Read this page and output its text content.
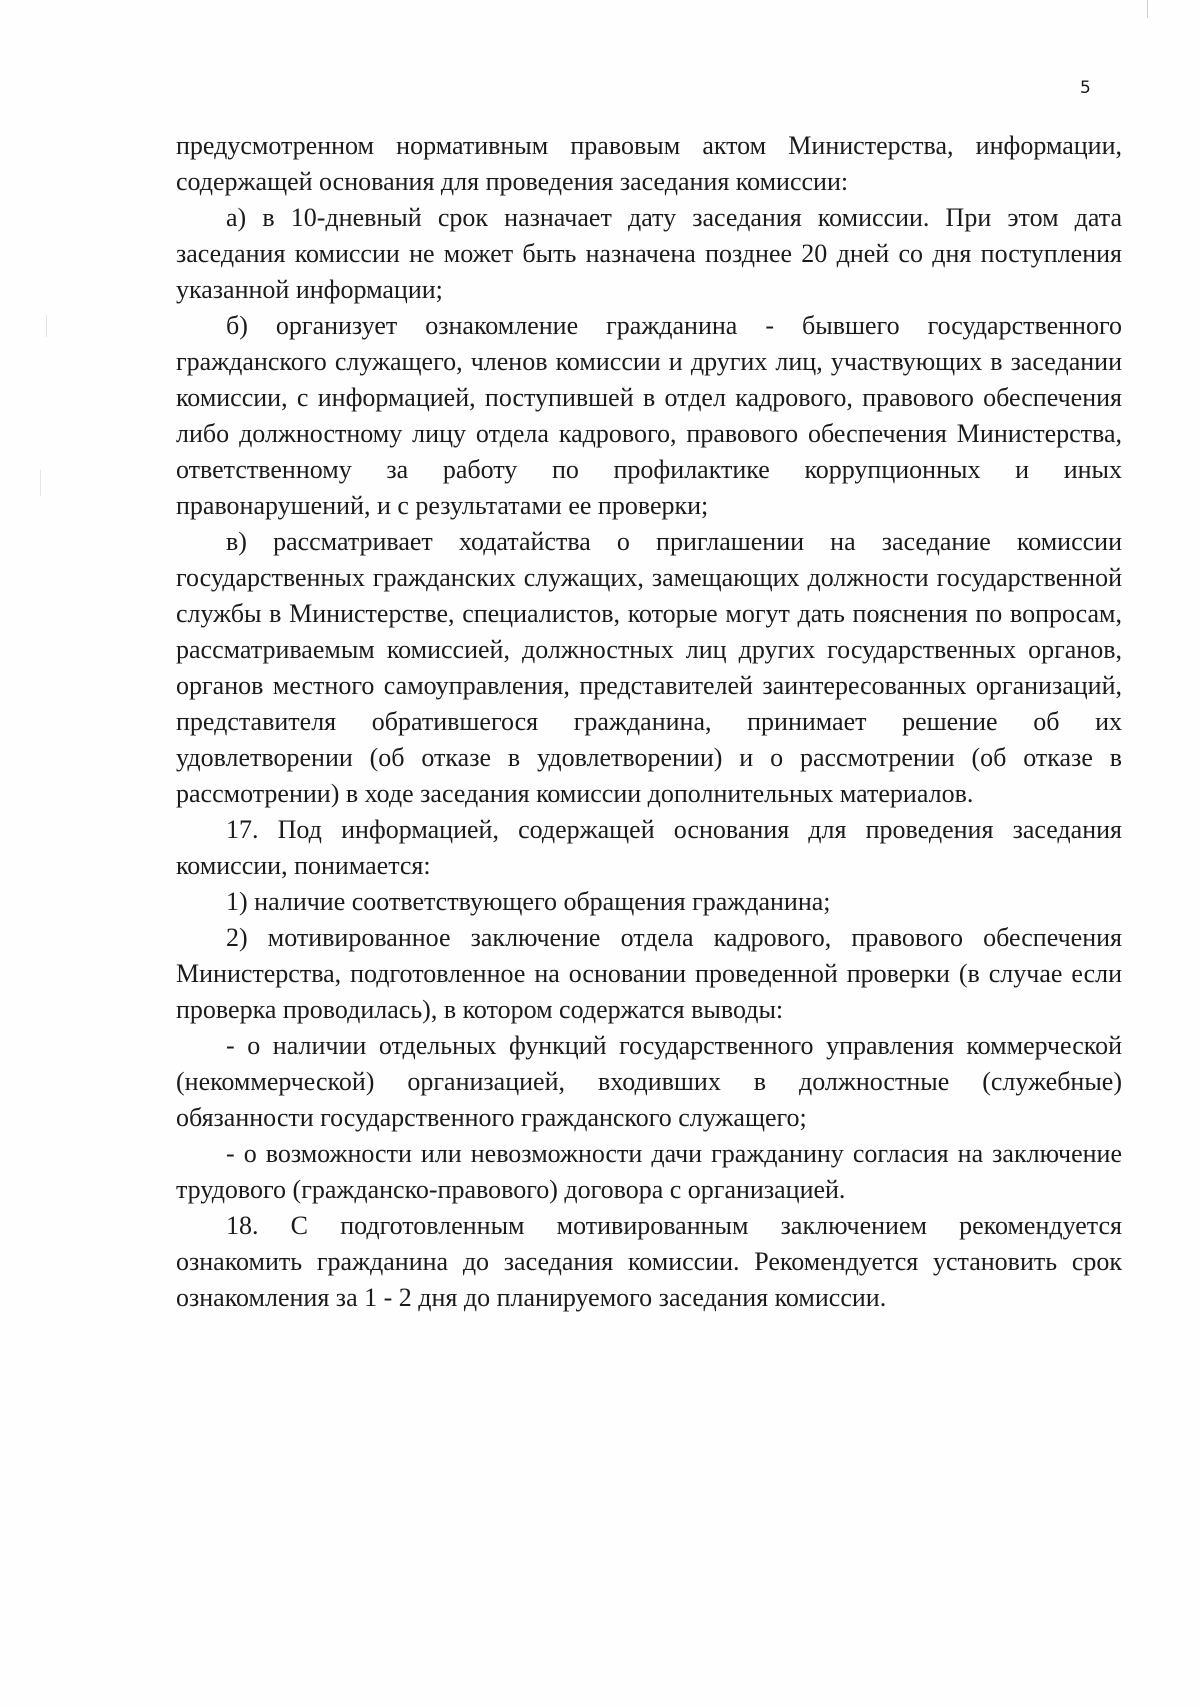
5

предусмотренном нормативным правовым актом Министерства, информации, содержащей основания для проведения заседания комиссии:

а) в 10-дневный срок назначает дату заседания комиссии. При этом дата заседания комиссии не может быть назначена позднее 20 дней со дня поступления указанной информации;

б) организует ознакомление гражданина - бывшего государственного гражданского служащего, членов комиссии и других лиц, участвующих в заседании комиссии, с информацией, поступившей в отдел кадрового, правового обеспечения либо должностному лицу отдела кадрового, правового обеспечения Министерства, ответственному за работу по профилактике коррупционных и иных правонарушений, и с результатами ее проверки;

в) рассматривает ходатайства о приглашении на заседание комиссии государственных гражданских служащих, замещающих должности государственной службы в Министерстве, специалистов, которые могут дать пояснения по вопросам, рассматриваемым комиссией, должностных лиц других государственных органов, органов местного самоуправления, представителей заинтересованных организаций, представителя обратившегося гражданина, принимает решение об их удовлетворении (об отказе в удовлетворении) и о рассмотрении (об отказе в рассмотрении) в ходе заседания комиссии дополнительных материалов.

17. Под информацией, содержащей основания для проведения заседания комиссии, понимается:

1) наличие соответствующего обращения гражданина;

2) мотивированное заключение отдела кадрового, правового обеспечения Министерства, подготовленное на основании проведенной проверки (в случае если проверка проводилась), в котором содержатся выводы:

- о наличии отдельных функций государственного управления коммерческой (некоммерческой) организацией, входивших в должностные (служебные) обязанности государственного гражданского служащего;

- о возможности или невозможности дачи гражданину согласия на заключение трудового (гражданско-правового) договора с организацией.

18. С подготовленным мотивированным заключением рекомендуется ознакомить гражданина до заседания комиссии. Рекомендуется установить срок ознакомления за 1 - 2 дня до планируемого заседания комиссии.
